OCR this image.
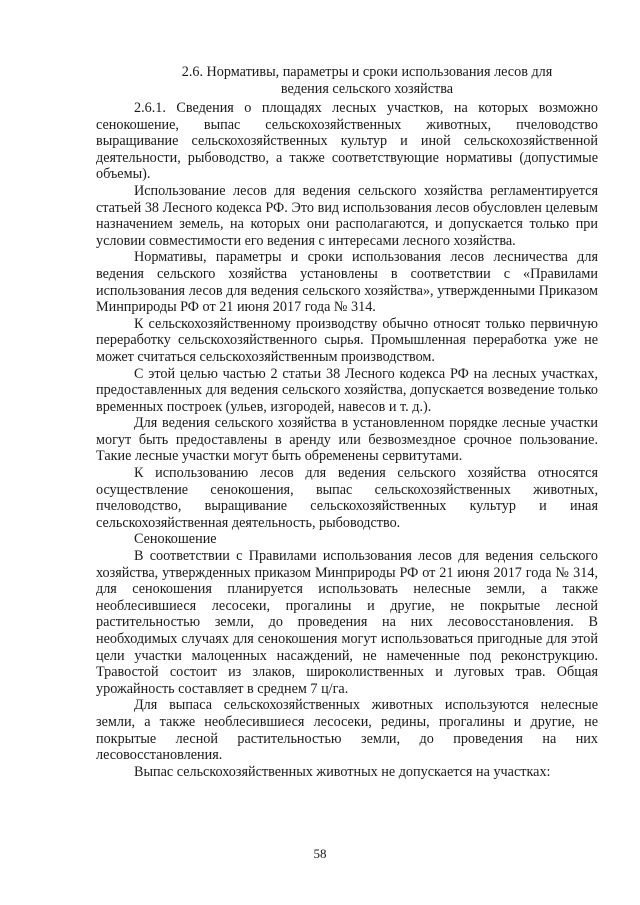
2.6. Нормативы, параметры и сроки использования лесов для
ведения сельского хозяйства

2.6.1. Сведения о площадях лесных участков, на которых возможно сенокошение, выпас сельскохозяйственных животных, пчеловодство выращивание сельскохозяйственных культур и иной сельскохозяйственной деятельности, рыбоводство, а также соответствующие нормативы (допустимые объемы).

Использование лесов для ведения сельского хозяйства регламентируется статьей 38 Лесного кодекса РФ. Это вид использования лесов обусловлен целевым назначением земель, на которых они располагаются, и допускается только при условии совместимости его ведения с интересами лесного хозяйства.

Нормативы, параметры и сроки использования лесов лесничества для ведения сельского хозяйства установлены в соответствии с «Правилами использования лесов для ведения сельского хозяйства», утвержденными Приказом Минприроды РФ от 21 июня 2017 года № 314.

К сельскохозяйственному производству обычно относят только первичную переработку сельскохозяйственного сырья. Промышленная переработка уже не может считаться сельскохозяйственным производством.

С этой целью частью 2 статьи 38 Лесного кодекса РФ на лесных участках, предоставленных для ведения сельского хозяйства, допускается возведение только временных построек (ульев, изгородей, навесов и т. д.).

Для ведения сельского хозяйства в установленном порядке лесные участки могут быть предоставлены в аренду или безвозмездное срочное пользование. Такие лесные участки могут быть обременены сервитутами.

К использованию лесов для ведения сельского хозяйства относятся осуществление сенокошения, выпас сельскохозяйственных животных, пчеловодство, выращивание сельскохозяйственных культур и иная сельскохозяйственная деятельность, рыбоводство.

Сенокошение

В соответствии с Правилами использования лесов для ведения сельского хозяйства, утвержденных приказом Минприроды РФ от 21 июня 2017 года № 314, для сенокошения планируется использовать нелесные земли, а также необлесившиеся лесосеки, прогалины и другие, не покрытые лесной растительностью земли, до проведения на них лесовосстановления. В необходимых случаях для сенокошения могут использоваться пригодные для этой цели участки малоценных насаждений, не намеченные под реконструкцию. Травостой состоит из злаков, широколиственных и луговых трав. Общая урожайность составляет в среднем 7 ц/га.

Для выпаса сельскохозяйственных животных используются нелесные земли, а также необлесившиеся лесосеки, редины, прогалины и другие, не покрытые лесной растительностью земли, до проведения на них лесовосстановления.

Выпас сельскохозяйственных животных не допускается на участках:

58
